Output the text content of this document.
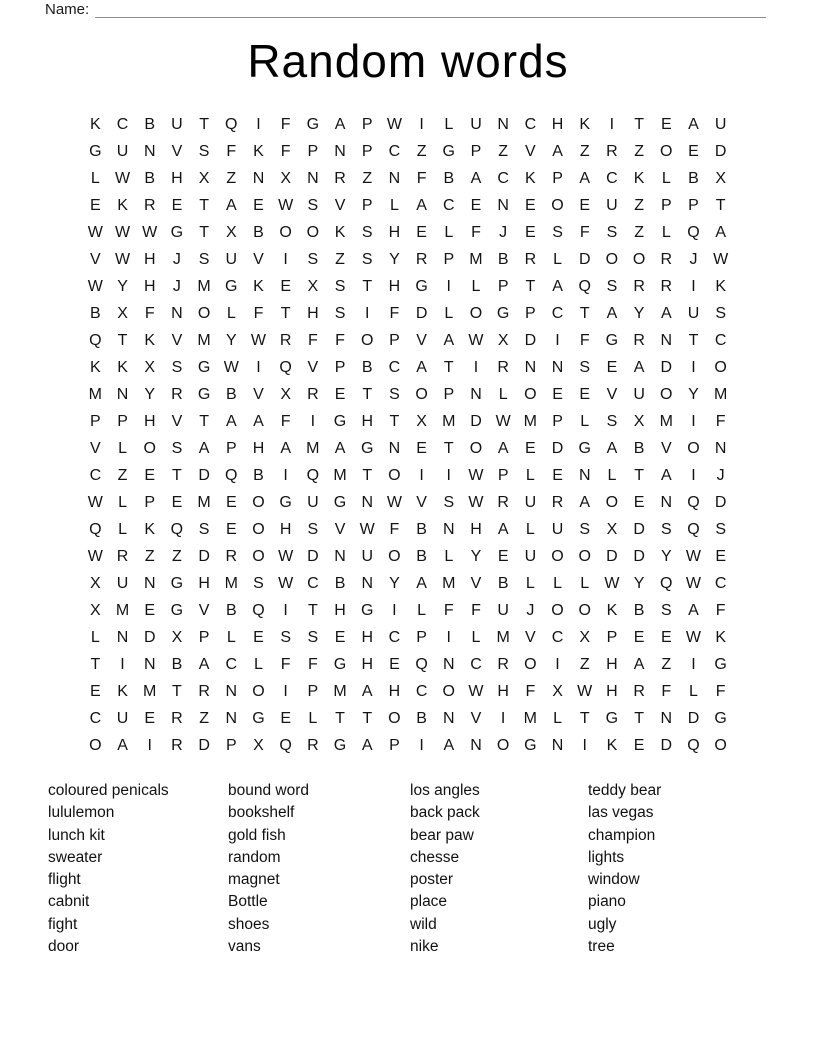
Name:
Random words
K	C	B	U	T	Q	I	F	G A	P W	I	L	U N C H	K	I	T	E	A	U
G U N	V	S	F	K	F	P	N	P	C	Z	G P	Z	V	A	Z	R	Z	O E	D
L W B	H	X	Z	N	X	N R	Z	N	F	B	A	C	K	P	A	C	K	L	B	X
E	K	R	E	T	A	E W S	V	P	L	A	C	E	N	E O E	U	Z	P	P	T
W W W G	T	X	B O O K	S	H	E	L	F	J	E	S	F	S	Z	L	Q A
V W H	J	S	U	V	I	S	Z	S	Y	R	P M B	R	L	D O O R	J W
W Y	H	J	M G K	E	X	S	T	H G	I	L	P	T	A Q S	R R	I	K
B	X	F	N O	L	F	T	H	S	I	F	D	L	O G P	C	T	A	Y	A	U	S
Q	T	K	V M Y W R	F	F	O P	V	A W X	D	I	F	G R N	T	C
K	K	X	S G W	I	Q V	P	B	C	A	T	I	R N N	S	E	A	D	I	O
M N	Y	R G B	V	X	R	E	T	S O P	N	L	O E	E	V	U O Y M
P	P	H	V	T	A	A	F	I	G H	T	X M D W M P	L	S	X M	I	F
V	L	O S	A	P	H	A M A G N	E	T	O A	E	D G A	B	V O N
C	Z	E	T	D Q B	I	Q M T	O	I	I	W P	L	E	N	L	T	A	I	J
W L	P	E M E O G U G N W V	S W R U R	A O E	N Q D
Q	L	K Q S	E O H	S	V W F	B	N H	A	L	U	S	X	D	S Q S
W R	Z	Z	D R O W D N U O B	L	Y	E	U O O D D	Y W E
X	U N G H M S W C	B	N	Y	A M V	B	L	L	L W Y Q W C
X M E G V	B Q	I	T	H G	I	L	F	F	U	J	O O K	B	S	A	F
L	N D	X	P	L	E	S	S	E	H C	P	I	L	M V	C	X	P	E	E W K
T	I	N	B	A	C	L	F	F	G H	E Q N C R O	I	Z	H	A	Z	I	G
E	K M T	R N O	I	P M A	H C O W H	F	X W H R	F	L	F
C U	E	R	Z	N G E	L	T	T	O B	N	V	I	M	L	T	G	T	N D G
O A	I	R D	P	X Q R G A	P	I	A	N O G N	I	K	E	D Q O
coloured penicals
lululemon
lunch kit
sweater
flight
cabnit
fight
door
bound word
bookshelf
gold fish
random
magnet
Bottle
shoes
vans
los angles
back pack
bear paw
chesse
poster
place
wild
nike
teddy bear
las vegas
champion
lights
window
piano
ugly
tree
